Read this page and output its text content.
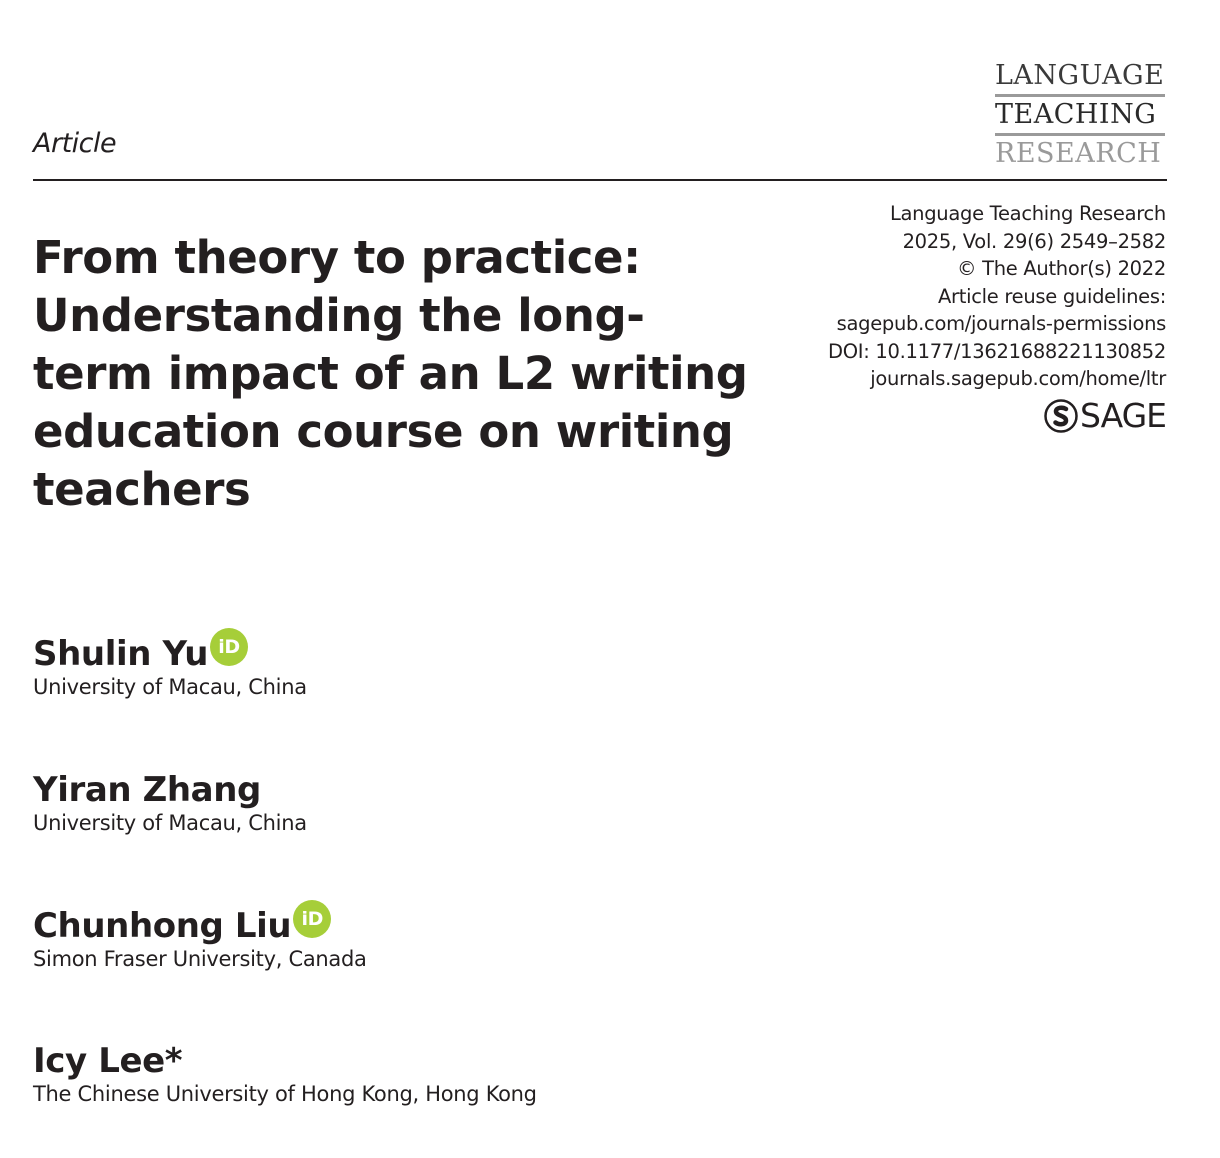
Article
LANGUAGE
TEACHING
RESEARCH
Language Teaching Research
2025, Vol. 29(6) 2549–2582
© The Author(s) 2022
Article reuse guidelines:
sagepub.com/journals-permissions
DOI: 10.1177/13621688221130852
journals.sagepub.com/home/ltr
SAGE
From theory to practice:
Understanding the long-
term impact of an L2 writing
education course on writing
teachers
Shulin Yu iD
University of Macau, China
Yiran Zhang
University of Macau, China
Chunhong Liu iD
Simon Fraser University, Canada
Icy Lee*
The Chinese University of Hong Kong, Hong Kong
